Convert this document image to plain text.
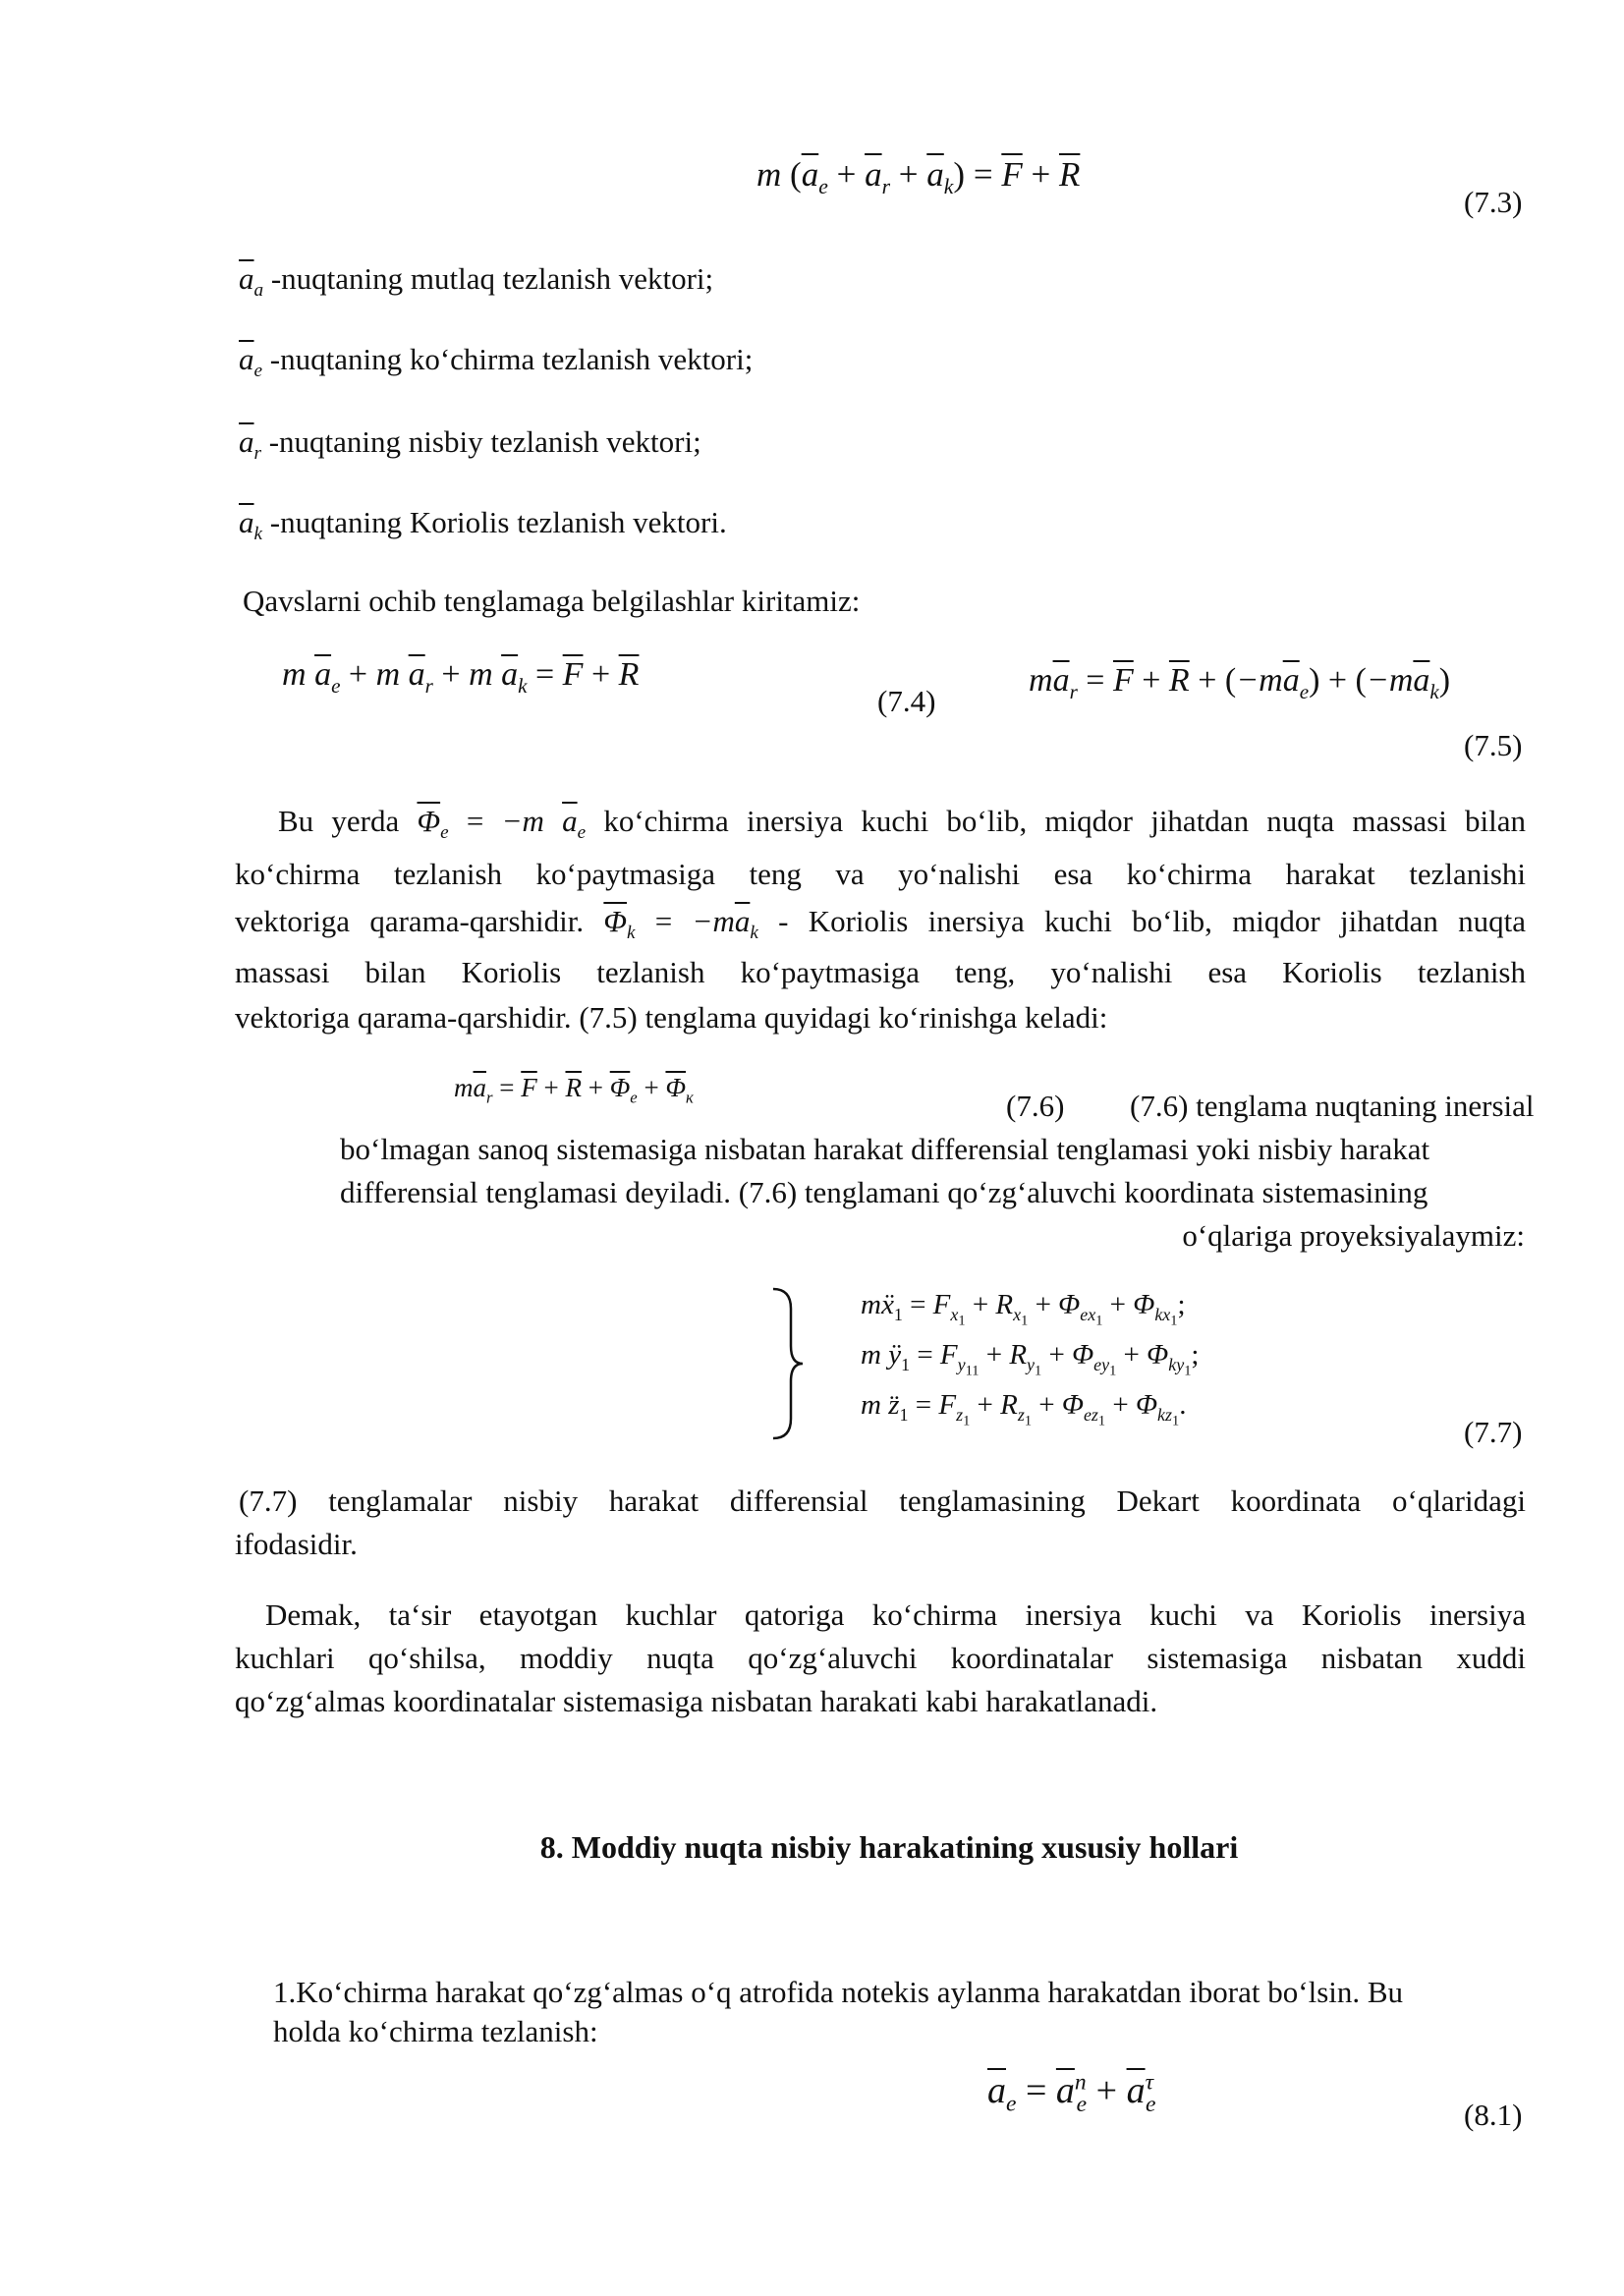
m $(\overline{a}_e + \overline{a}_r + \overline{a}_k) = \overline{F} + \overline{R}$
(7.3)
$\overline{a}_a$ -nuqtaning mutlaq tezlanish vektori;
$\overline{a}_e$ -nuqtaning ko‘chirma tezlanish vektori;
$\overline{a}_r$ -nuqtaning nisbiy tezlanish vektori;
$\overline{a}_k$ -nuqtaning Koriolis tezlanish vektori.
Qavslarni ochib tenglamaga belgilashlar kiritamiz:
m $\overline{a}_e + m$ $\overline{a}_r + m$ $\overline{a}_k = \overline{F} + \overline{R}$
(7.4)
$m\overline{a}_r = \overline{F} + \overline{R} + (-m\overline{a}_e) + (-m\overline{a}_k)$
(7.5)
Bu yerda $\overline{\Phi}_e = -m$ $\overline{a}_e$ ko‘chirma inersiya kuchi bo‘lib, miqdor jihatdan nuqta massasi bilan
ko‘chirma tezlanish ko‘paytmasiga teng va yo‘nalishi esa ko‘chirma harakat tezlanishi
vektoriga qarama-qarshidir. $\overline{\Phi}_k = -m\overline{a}_k$ - Koriolis inersiya kuchi bo‘lib, miqdor jihatdan nuqta
massasi bilan Koriolis tezlanish ko‘paytmasiga teng, yo‘nalishi esa Koriolis tezlanish
vektoriga qarama-qarshidir. (7.5) tenglama quyidagi ko‘rinishga keladi:
$m\overline{a}_r = \overline{F} + \overline{R} + \overline{\Phi}_e + \overline{\Phi}_к$	(7.6) (7.6) tenglama nuqtaning inersial
bo‘lmagan sanoq sistemasiga nisbatan harakat differensial tenglamasi yoki nisbiy harakat
differensial tenglamasi deyiladi. (7.6) tenglamani qo‘zg‘aluvchi koordinata sistemasining
o‘qlariga proyeksiyalaymiz:
mẍ$_1$ = $F_{x_1} + R_{x_1} + \Phi_{ex_1} + \Phi_{kx_1}$;
m $ÿ_1 = F_{y_{11}} + R_{y_1} + \Phi_{ey_1} + \Phi_{ky_1}$;
m $z̈_1 = F_{z_1} + R_{z_1} + \Phi_{ez_1} + \Phi_{kz_1}$.
(7.7)
(7.7) tenglamalar nisbiy harakat differensial tenglamasining Dekart koordinata o‘qlaridagi
ifodasidir.
Demak, ta‘sir etayotgan kuchlar qatoriga ko‘chirma inersiya kuchi va Koriolis inersiya
kuchlari qo‘shilsa, moddiy nuqta qo‘zg‘aluvchi koordinatalar sistemasiga nisbatan xuddi
qo‘zg‘almas koordinatalar sistemasiga nisbatan harakati kabi harakatlanadi.
8. Moddiy nuqta nisbiy harakatining xususiy hollari
1.Ko‘chirma harakat qo‘zg‘almas o‘q atrofida notekis aylanma harakatdan iborat bo‘lsin. Bu
holda ko‘chirma tezlanish:
$\overline{a}_e = \overline{a}^n_e + \overline{a}^\tau_e$	(8.1)
